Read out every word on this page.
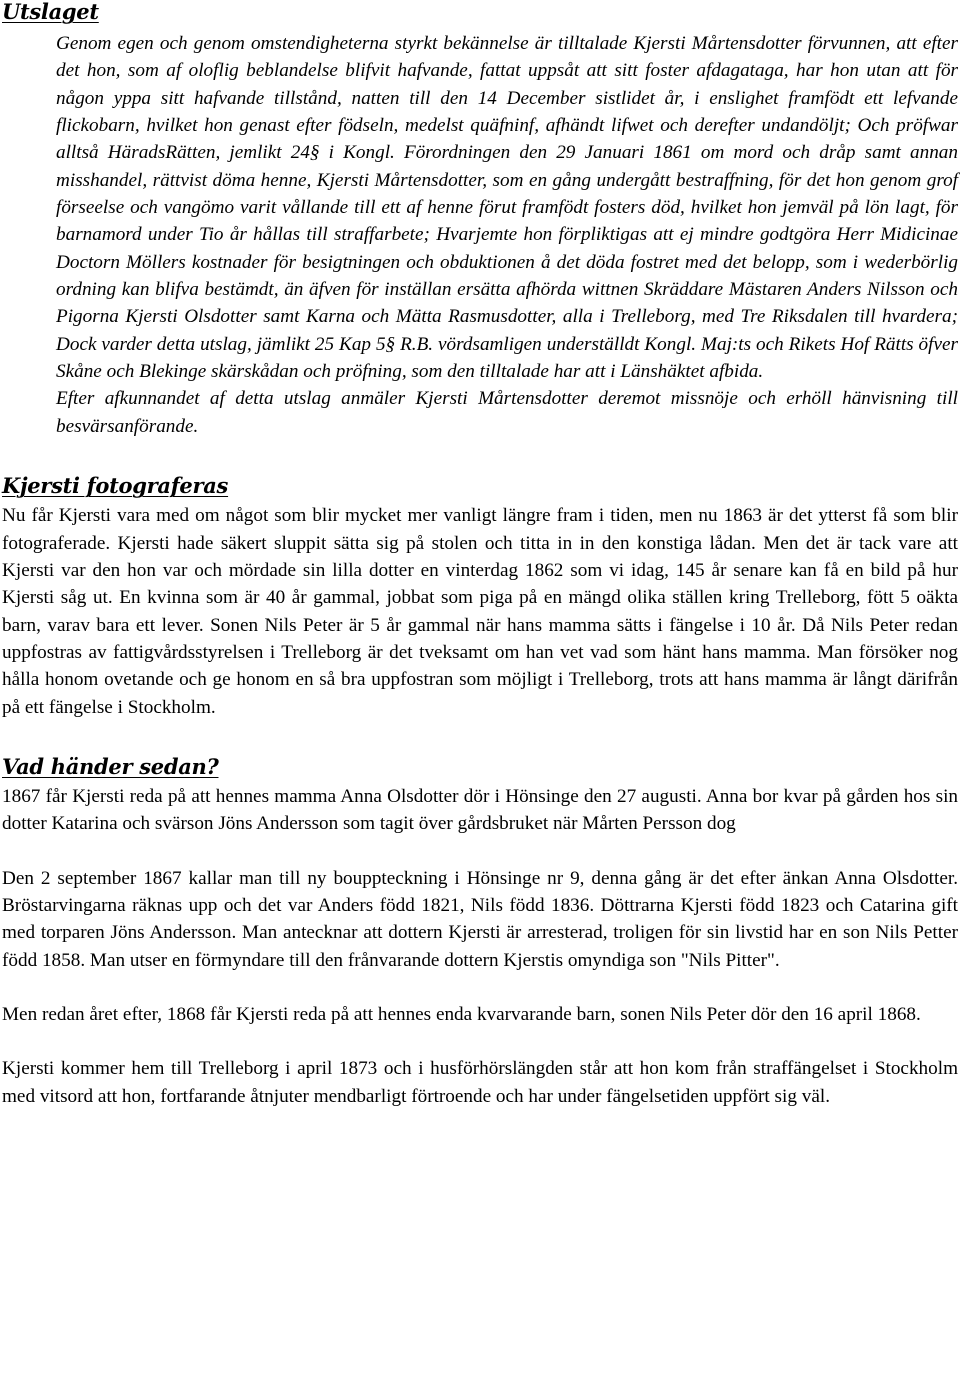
Utslaget

Genom egen och genom omstendigheterna styrkt bekännelse är tilltalade Kjersti Mårtensdotter förvunnen, att efter det hon, som af oloflig beblandelse blifvit hafvande, fattat uppsåt att sitt foster afdagataga, har hon utan att för någon yppa sitt hafvande tillstånd, natten till den 14 December sistlidet år, i enslighet framfödt ett lefvande flickobarn, hvilket hon genast efter födseln, medelst quäfninf, afhändt lifwet och derefter undandöljt; Och pröfwar alltså HäradsRätten, jemlikt 24§ i Kongl. Förordningen den 29 Januari 1861 om mord och dråp samt annan misshandel, rättvist döma henne, Kjersti Mårtensdotter, som en gång undergått bestraffning, för det hon genom grof förseelse och vangömo varit vållande till ett af henne förut framfödt fosters död, hvilket hon jemväl på lön lagt, för barnamord under Tio år hållas till straffarbete; Hvarjemte hon förpliktigas att ej mindre godtgöra Herr Midicinae Doctorn Möllers kostnader för besigtningen och obduktionen å det döda fostret med det belopp, som i wederbörlig ordning kan blifva bestämdt, än äfven för inställan ersätta afhörda wittnen Skräddare Mästaren Anders Nilsson och Pigorna Kjersti Olsdotter samt Karna och Mätta Rasmusdotter, alla i Trelleborg, med Tre Riksdalen till hvardera; Dock varder detta utslag, jämlikt 25 Kap 5§ R.B. vördsamligen underställdt Kongl. Maj:ts och Rikets Hof Rätts öfver Skåne och Blekinge skärskådan och pröfning, som den tilltalade har att i Länshäktet afbida.

Efter afkunnandet af detta utslag anmäler Kjersti Mårtensdotter deremot missnöje och erhöll hänvisning till besvärsanförande.

Kjersti fotograferas

Nu får Kjersti vara med om något som blir mycket mer vanligt längre fram i tiden, men nu 1863 är det ytterst få som blir fotograferade. Kjersti hade säkert sluppit sätta sig på stolen och titta in in den konstiga lådan. Men det är tack vare att Kjersti var den hon var och mördade sin lilla dotter en vinterdag 1862 som vi idag, 145 år senare kan få en bild på hur Kjersti såg ut. En kvinna som är 40 år gammal, jobbat som piga på en mängd olika ställen kring Trelleborg, fött 5 oäkta barn, varav bara ett lever. Sonen Nils Peter är 5 år gammal när hans mamma sätts i fängelse i 10 år. Då Nils Peter redan uppfostras av fattigvårdsstyrelsen i Trelleborg är det tveksamt om han vet vad som hänt hans mamma. Man försöker nog hålla honom ovetande och ge honom en så bra uppfostran som möjligt i Trelleborg, trots att hans mamma är långt därifrån på ett fängelse i Stockholm.

Vad händer sedan?

1867 får Kjersti reda på att hennes mamma Anna Olsdotter dör i Hönsinge den 27 augusti. Anna bor kvar på gården hos sin dotter Katarina och svärson Jöns Andersson som tagit över gårdsbruket när Mårten Persson dog

Den 2 september 1867 kallar man till ny bouppteckning i Hönsinge nr 9, denna gång är det efter änkan Anna Olsdotter. Bröstarvingarna räknas upp och det var Anders född 1821, Nils född 1836. Döttrarna Kjersti född 1823 och Catarina gift med torparen Jöns Andersson. Man antecknar att dottern Kjersti är arresterad, troligen för sin livstid har en son Nils Petter född 1858. Man utser en förmyndare till den frånvarande dottern Kjerstis omyndiga son "Nils Pitter".

Men redan året efter, 1868 får Kjersti reda på att hennes enda kvarvarande barn, sonen Nils Peter dör den 16 april 1868.

Kjersti kommer hem till Trelleborg i april 1873 och i husförhörslängden står att hon kom från straffängelset i Stockholm med vitsord att hon, fortfarande åtnjuter mendbarligt förtroende och har under fängelsetiden uppfört sig väl.
